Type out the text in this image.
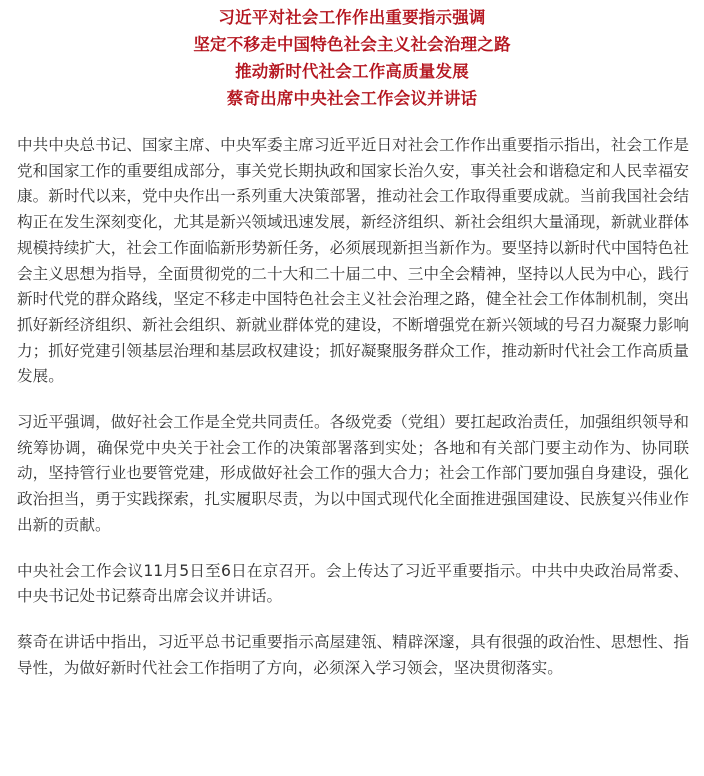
习近平对社会工作作出重要指示强调
坚定不移走中国特色社会主义社会治理之路
推动新时代社会工作高质量发展
蔡奇出席中央社会工作会议并讲话

中共中央总书记、国家主席、中央军委主席习近平近日对社会工作作出重要指示指出，社会工作是党和国家工作的重要组成部分，事关党长期执政和国家长治久安，事关社会和谐稳定和人民幸福安康。新时代以来，党中央作出一系列重大决策部署，推动社会工作取得重要成就。当前我国社会结构正在发生深刻变化，尤其是新兴领域迅速发展，新经济组织、新社会组织大量涌现，新就业群体规模持续扩大，社会工作面临新形势新任务，必须展现新担当新作为。要坚持以新时代中国特色社会主义思想为指导，全面贯彻党的二十大和二十届二中、三中全会精神，坚持以人民为中心，践行新时代党的群众路线，坚定不移走中国特色社会主义社会治理之路，健全社会工作体制机制，突出抓好新经济组织、新社会组织、新就业群体党的建设，不断增强党在新兴领域的号召力凝聚力影响力；抓好党建引领基层治理和基层政权建设；抓好凝聚服务群众工作，推动新时代社会工作高质量发展。

习近平强调，做好社会工作是全党共同责任。各级党委（党组）要扛起政治责任，加强组织领导和统筹协调，确保党中央关于社会工作的决策部署落到实处；各地和有关部门要主动作为、协同联动，坚持管行业也要管党建，形成做好社会工作的强大合力；社会工作部门要加强自身建设，强化政治担当，勇于实践探索，扎实履职尽责，为以中国式现代化全面推进强国建设、民族复兴伟业作出新的贡献。

中央社会工作会议11月5日至6日在京召开。会上传达了习近平重要指示。中共中央政治局常委、中央书记处书记蔡奇出席会议并讲话。

蔡奇在讲话中指出，习近平总书记重要指示高屋建瓴、精辟深邃，具有很强的政治性、思想性、指导性，为做好新时代社会工作指明了方向，必须深入学习领会，坚决贯彻落实。
